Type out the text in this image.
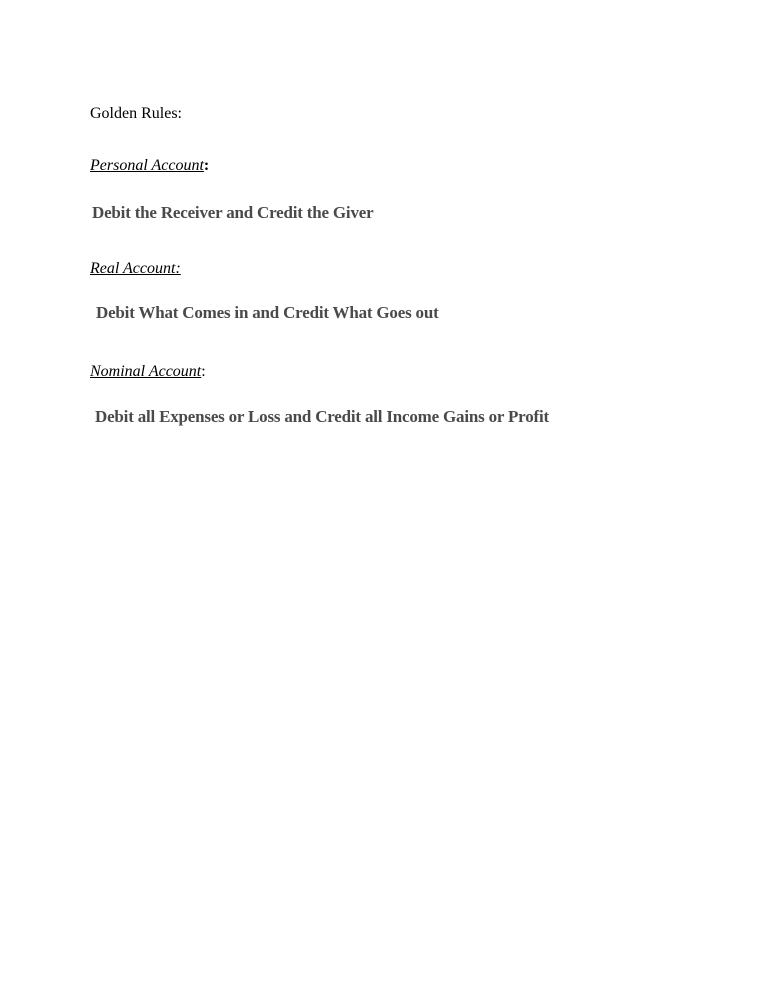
Golden Rules:
Personal Account:
Debit the Receiver and Credit the Giver
Real Account:
Debit What Comes in and Credit What Goes out
Nominal Account:
Debit all Expenses or Loss and Credit all Income Gains or Profit
